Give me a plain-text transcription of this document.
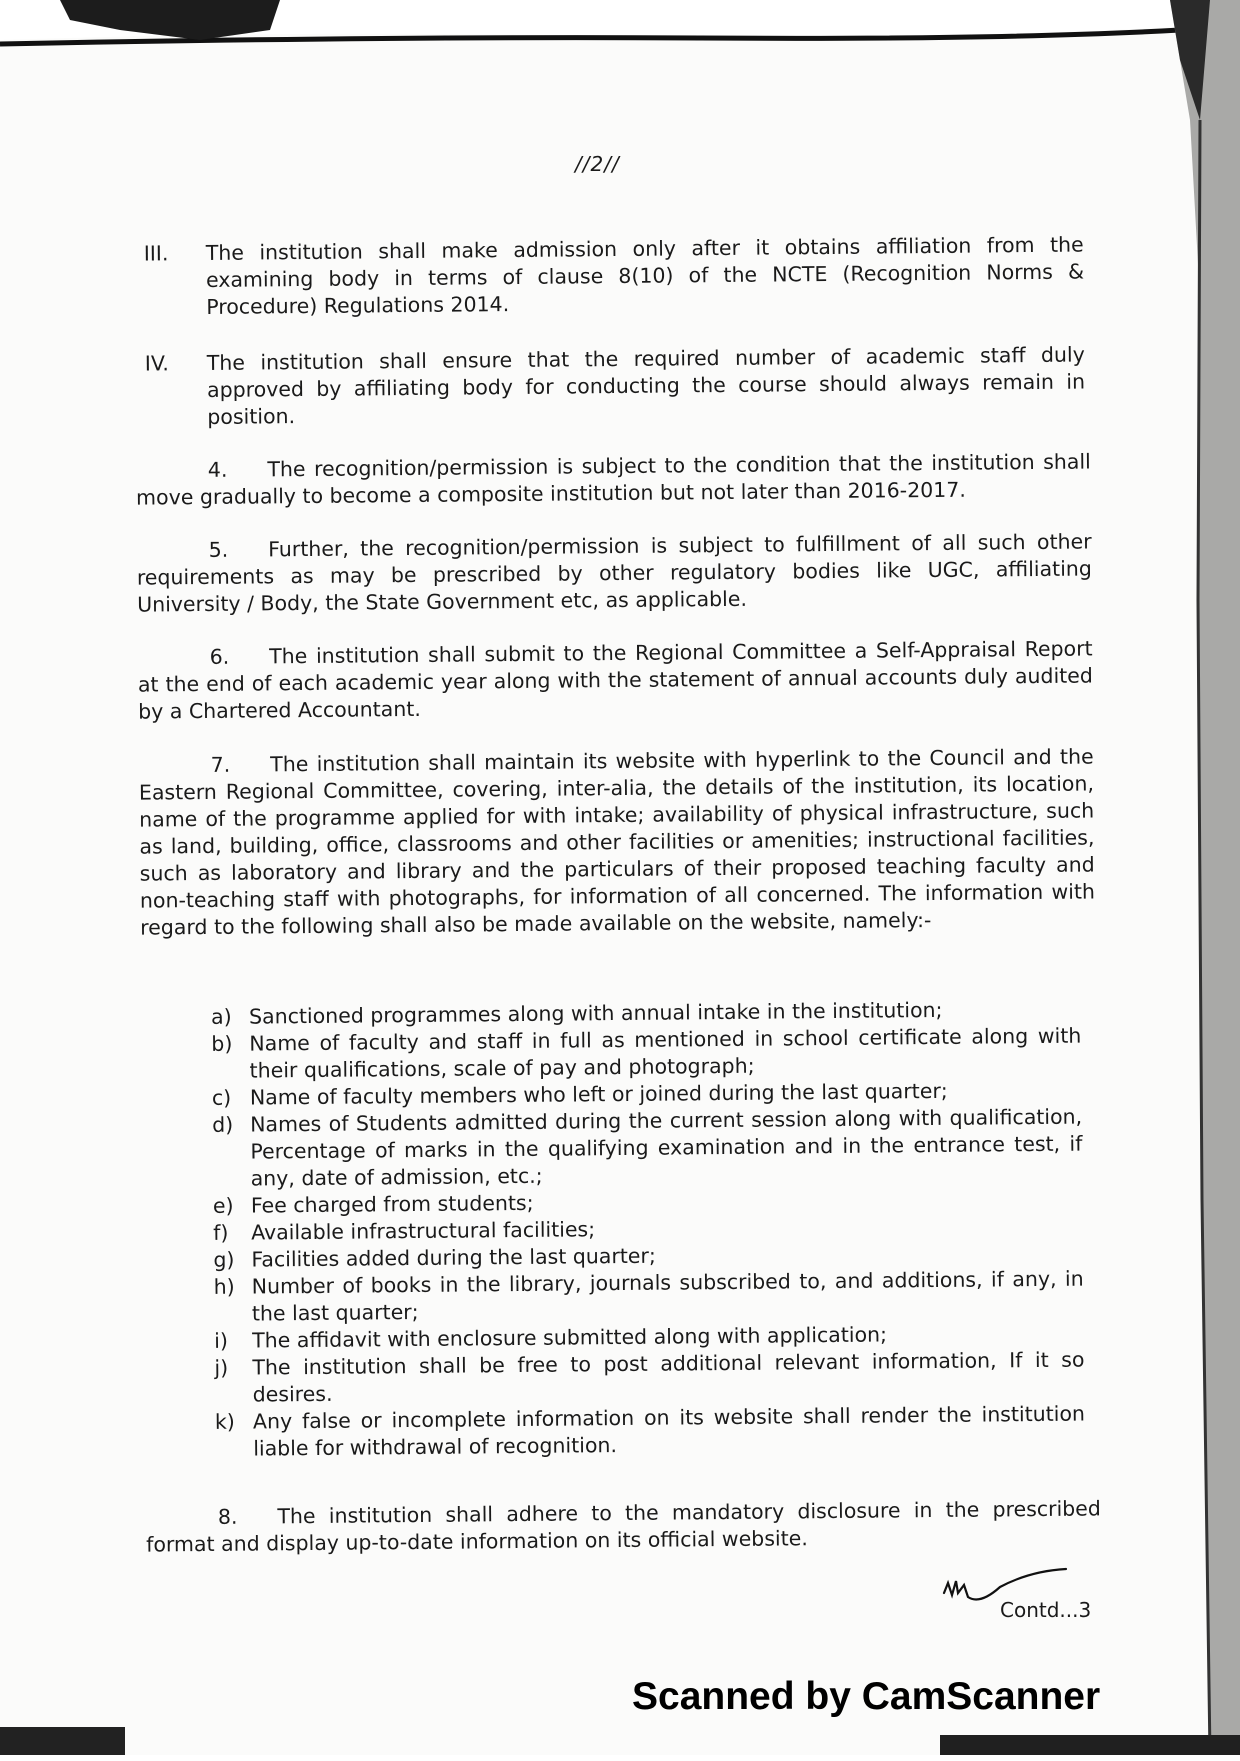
//2//
III. The institution shall make admission only after it obtains affiliation from the examining body in terms of clause 8(10) of the NCTE (Recognition Norms & Procedure) Regulations 2014.
IV. The institution shall ensure that the required number of academic staff duly approved by affiliating body for conducting the course should always remain in position.
4. The recognition/permission is subject to the condition that the institution shall move gradually to become a composite institution but not later than 2016-2017.
5. Further, the recognition/permission is subject to fulfillment of all such other requirements as may be prescribed by other regulatory bodies like UGC, affiliating University / Body, the State Government etc, as applicable.
6. The institution shall submit to the Regional Committee a Self-Appraisal Report at the end of each academic year along with the statement of annual accounts duly audited by a Chartered Accountant.
7. The institution shall maintain its website with hyperlink to the Council and the Eastern Regional Committee, covering, inter-alia, the details of the institution, its location, name of the programme applied for with intake; availability of physical infrastructure, such as land, building, office, classrooms and other facilities or amenities; instructional facilities, such as laboratory and library and the particulars of their proposed teaching faculty and non-teaching staff with photographs, for information of all concerned. The information with regard to the following shall also be made available on the website, namely:-
a) Sanctioned programmes along with annual intake in the institution;
b) Name of faculty and staff in full as mentioned in school certificate along with their qualifications, scale of pay and photograph;
c) Name of faculty members who left or joined during the last quarter;
d) Names of Students admitted during the current session along with qualification, Percentage of marks in the qualifying examination and in the entrance test, if any, date of admission, etc.;
e) Fee charged from students;
f) Available infrastructural facilities;
g) Facilities added during the last quarter;
h) Number of books in the library, journals subscribed to, and additions, if any, in the last quarter;
i) The affidavit with enclosure submitted along with application;
j) The institution shall be free to post additional relevant information, If it so desires.
k) Any false or incomplete information on its website shall render the institution liable for withdrawal of recognition.
8. The institution shall adhere to the mandatory disclosure in the prescribed format and display up-to-date information on its official website.
Contd...3
Scanned by CamScanner
